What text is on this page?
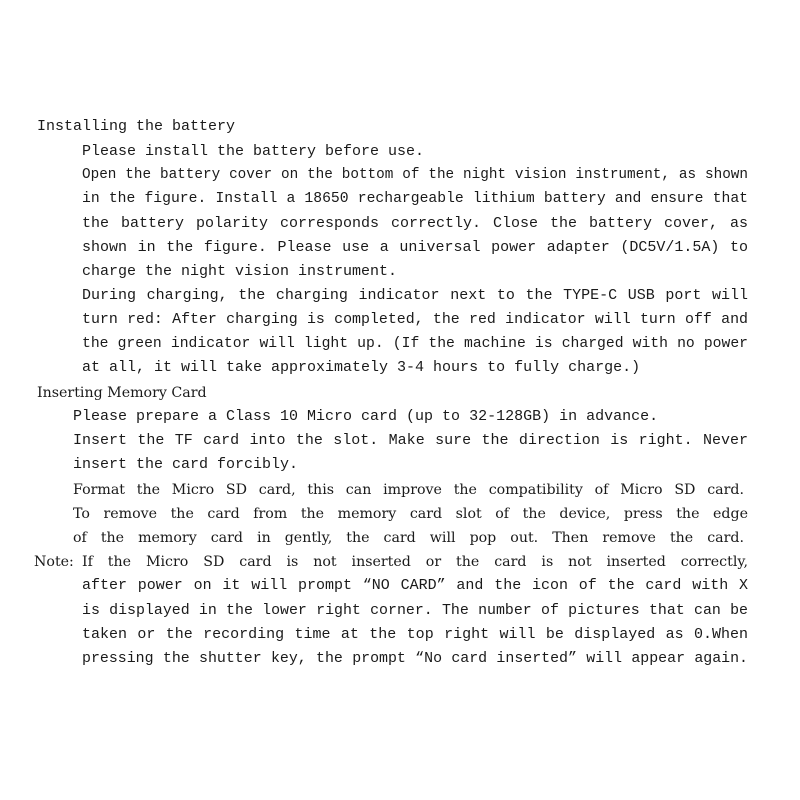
Installing the battery
Please install the battery before use.
Open the battery cover on the bottom of the night vision instrument, as shown
in the figure. Install a 18650 rechargeable lithium battery and ensure that
the battery polarity corresponds correctly. Close the battery cover, as
shown in the figure. Please use a universal power adapter (DC5V/1.5A) to
charge the night vision instrument.
During charging, the charging indicator next to the TYPE-C USB port will
turn red: After charging is completed, the red indicator will turn off and
the green indicator will light up. (If the machine is charged with no power
at all, it will take approximately 3-4 hours to fully charge.)
Inserting Memory Card
Please prepare a Class 10 Micro card (up to 32-128GB) in advance.
Insert the TF card into the slot. Make sure the direction is right. Never
insert the card forcibly.
Format the Micro SD card, this can improve the compatibility of Micro SD card.
To remove the card from the memory card slot of the device, press the edge
of the memory card in gently, the card will pop out. Then remove the card.
Note: If the Micro SD card is not inserted or the card is not inserted correctly,
after power on it will prompt “NO CARD” and the icon of the card with X
is displayed in the lower right corner. The number of pictures that can be
taken or the recording time at the top right will be displayed as 0.When
pressing the shutter key, the prompt “No card inserted” will appear again.
